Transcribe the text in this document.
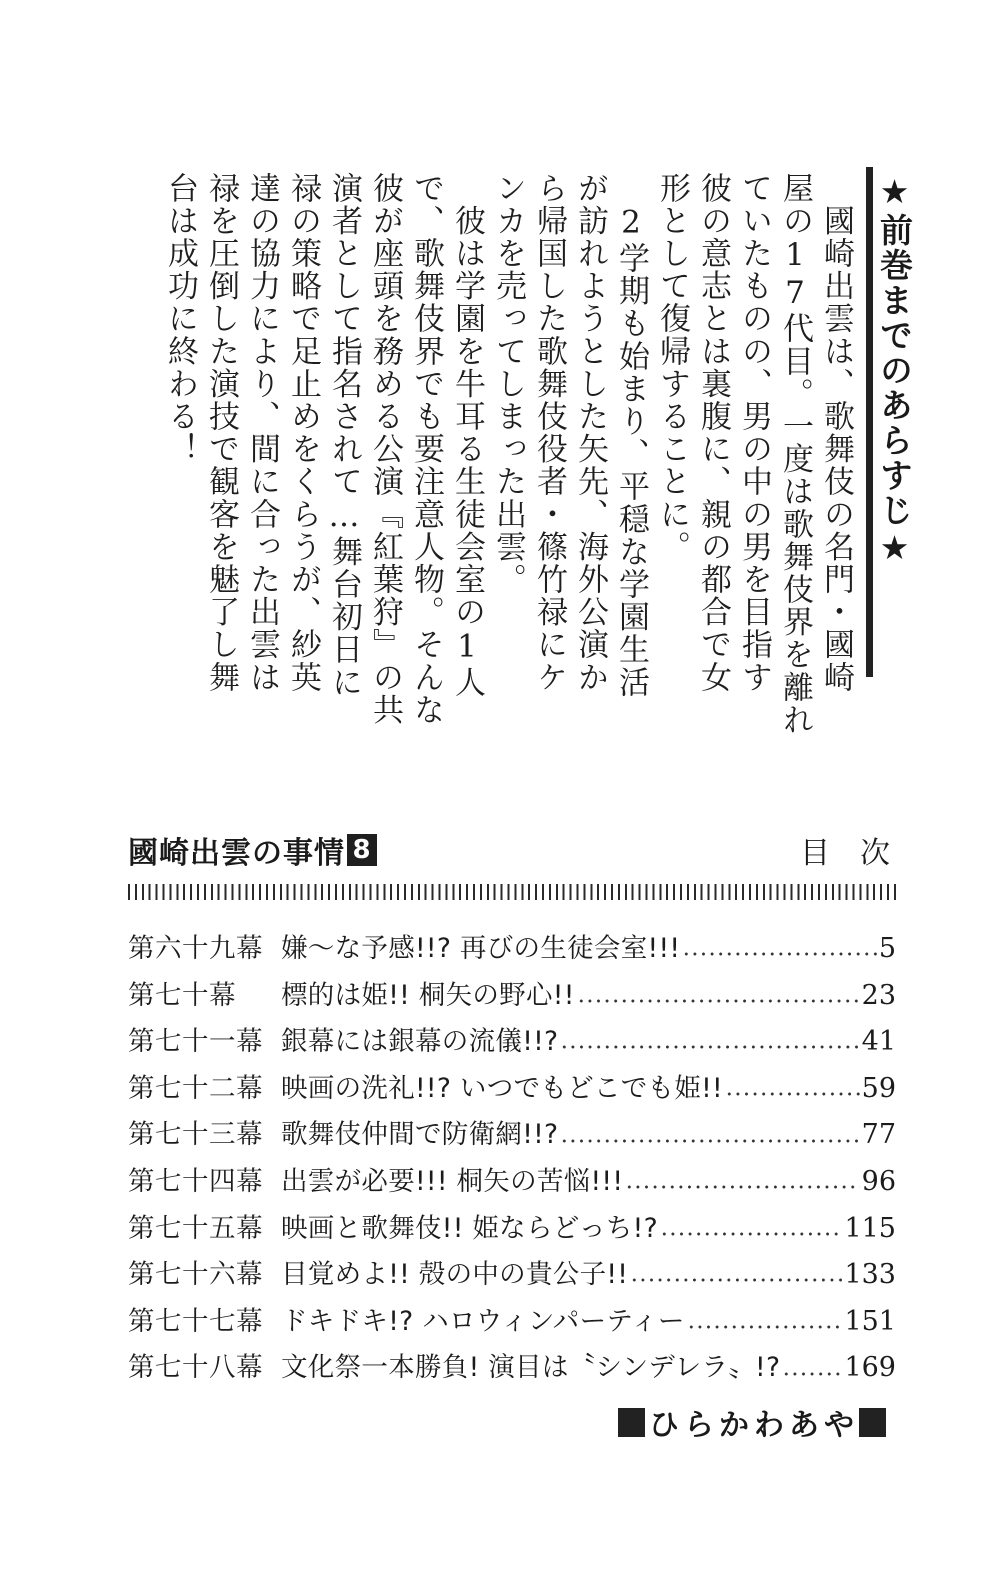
★前巻までのあらすじ★
　國崎出雲は、歌舞伎の名門・國崎
屋の17代目。一度は歌舞伎界を離れ
ていたものの、男の中の男を目指す
彼の意志とは裏腹に、親の都合で女
形として復帰することに。
　2学期も始まり、平穏な学園生活
が訪れようとした矢先、海外公演か
ら帰国した歌舞伎役者・篠竹禄にケ
ンカを売ってしまった出雲。
　彼は学園を牛耳る生徒会室の1人
で、歌舞伎界でも要注意人物。そんな
彼が座頭を務める公演『紅葉狩』の共
演者として指名されて…舞台初日に
禄の策略で足止めをくらうが、紗英
達の協力により、間に合った出雲は
禄を圧倒した演技で観客を魅了し舞
台は成功に終わる！
國崎出雲の事情 8	目次
第六十九幕 嫌〜な予感!!? 再びの生徒会室!!!	5
第七十幕	標的は姫!! 桐矢の野心!!	23
第七十一幕 銀幕には銀幕の流儀!!?	41
第七十二幕 映画の洗礼!!? いつでもどこでも姫!!	59
第七十三幕 歌舞伎仲間で防衛網!!?	77
第七十四幕 出雲が必要!!! 桐矢の苦悩!!!	96
第七十五幕 映画と歌舞伎!! 姫ならどっち!?	115
第七十六幕 目覚めよ!! 殻の中の貴公子!!	133
第七十七幕 ドキドキ!? ハロウィンパーティー	151
第七十八幕 文化祭一本勝負! 演目は〝シンデレラ〟!? 169
ひらかわあや
